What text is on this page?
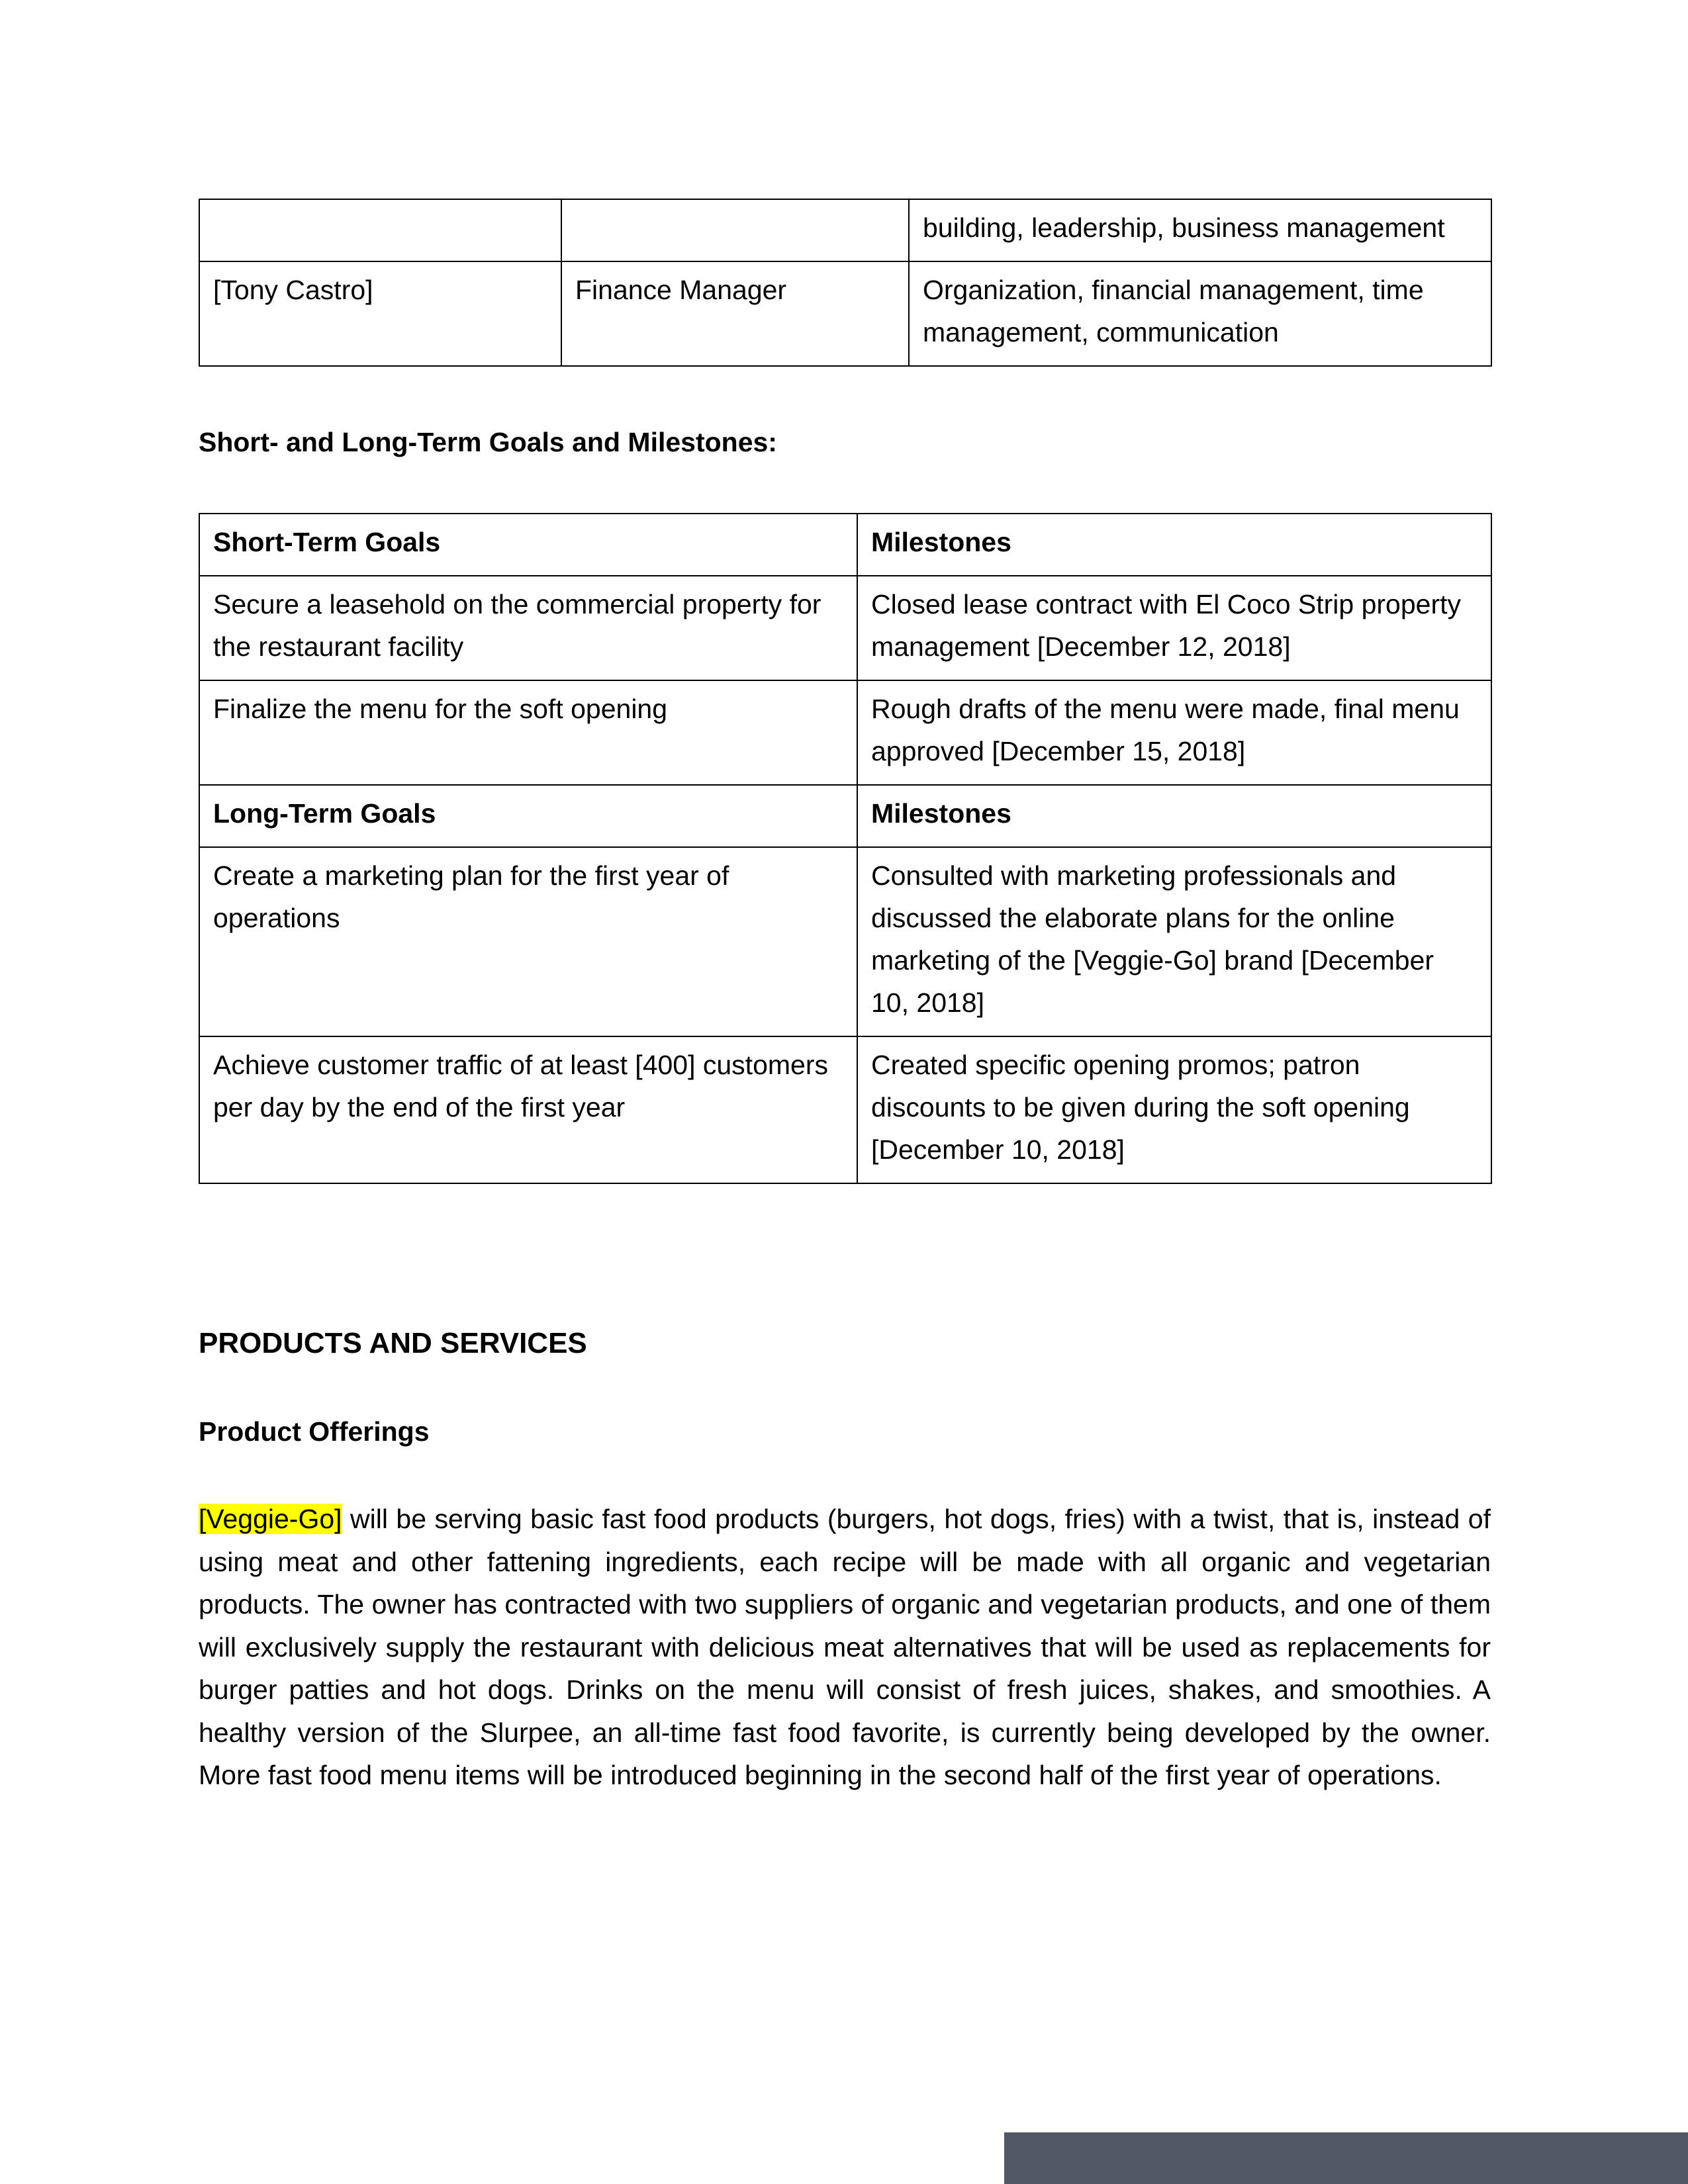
		building, leadership, business management
[Tony Castro]	Finance Manager	Organization, financial management, time management, communication
Short- and Long-Term Goals and Milestones:
Short-Term Goals	Milestones
Secure a leasehold on the commercial property for the restaurant facility	Closed lease contract with El Coco Strip property management [December 12, 2018]
Finalize the menu for the soft opening	Rough drafts of the menu were made, final menu approved [December 15, 2018]
Long-Term Goals	Milestones
Create a marketing plan for the first year of operations	Consulted with marketing professionals and discussed the elaborate plans for the online marketing of the [Veggie-Go] brand [December 10, 2018]
Achieve customer traffic of at least [400] customers per day by the end of the first year	Created specific opening promos; patron discounts to be given during the soft opening [December 10, 2018]
PRODUCTS AND SERVICES
Product Offerings

[Veggie-Go] will be serving basic fast food products (burgers, hot dogs, fries) with a twist, that is, instead of using meat and other fattening ingredients, each recipe will be made with all organic and vegetarian products. The owner has contracted with two suppliers of organic and vegetarian products, and one of them will exclusively supply the restaurant with delicious meat alternatives that will be used as replacements for burger patties and hot dogs. Drinks on the menu will consist of fresh juices, shakes, and smoothies. A healthy version of the Slurpee, an all-time fast food favorite, is currently being developed by the owner. More fast food menu items will be introduced beginning in the second half of the first year of operations.
